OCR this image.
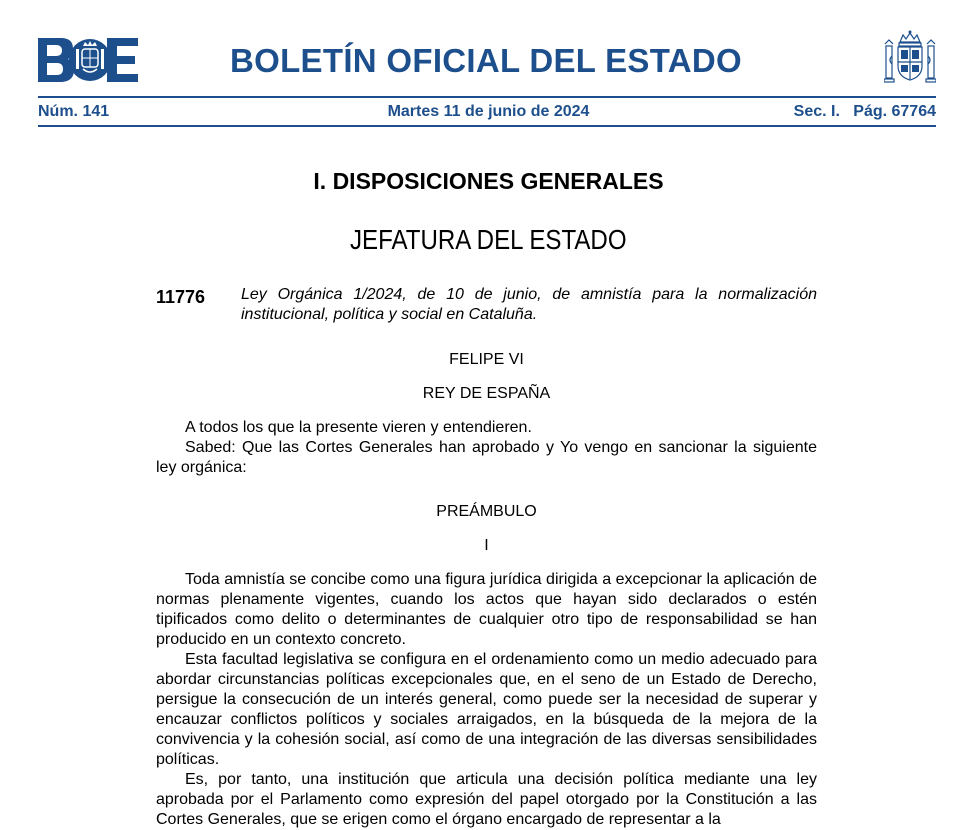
BOLETÍN OFICIAL DEL ESTADO
Núm. 141	Martes 11 de junio de 2024	Sec. I. Pág. 67764
I. DISPOSICIONES GENERALES
JEFATURA DEL ESTADO
11776 Ley Orgánica 1/2024, de 10 de junio, de amnistía para la normalización institucional, política y social en Cataluña.
FELIPE VI
REY DE ESPAÑA

A todos los que la presente vieren y entendieren.

Sabed: Que las Cortes Generales han aprobado y Yo vengo en sancionar la siguiente ley orgánica:

PREÁMBULO
I

Toda amnistía se concibe como una figura jurídica dirigida a excepcionar la aplicación de normas plenamente vigentes, cuando los actos que hayan sido declarados o estén tipificados como delito o determinantes de cualquier otro tipo de responsabilidad se han producido en un contexto concreto.

Esta facultad legislativa se configura en el ordenamiento como un medio adecuado para abordar circunstancias políticas excepcionales que, en el seno de un Estado de Derecho, persigue la consecución de un interés general, como puede ser la necesidad de superar y encauzar conflictos políticos y sociales arraigados, en la búsqueda de la mejora de la convivencia y la cohesión social, así como de una integración de las diversas sensibilidades políticas.

Es, por tanto, una institución que articula una decisión política mediante una ley aprobada por el Parlamento como expresión del papel otorgado por la Constitución a las Cortes Generales, que se erigen como el órgano encargado de representar a la
